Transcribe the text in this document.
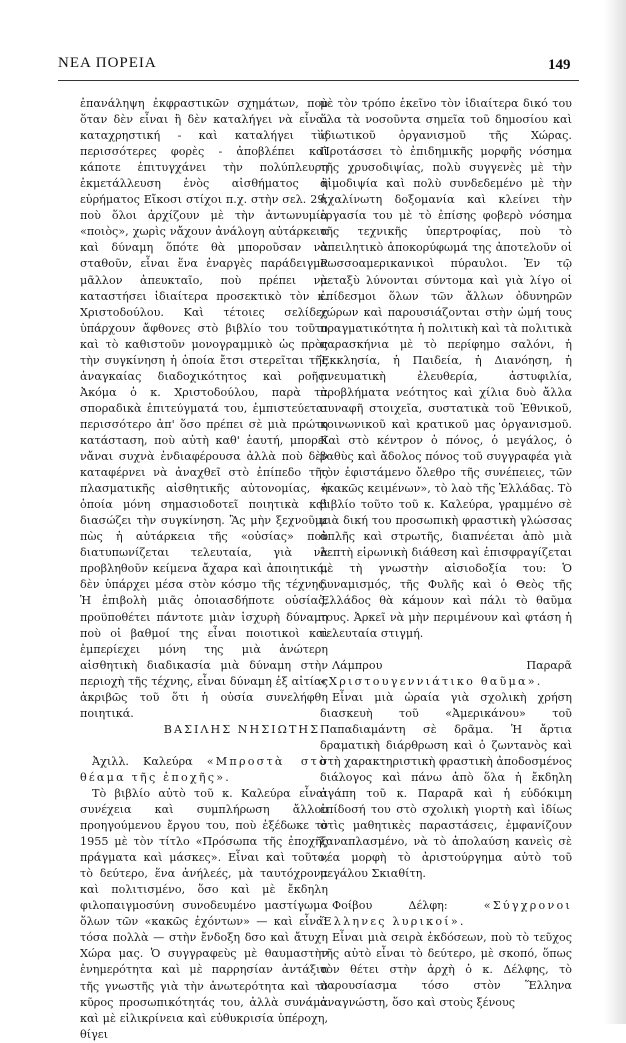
ΝΕΑ ΠΟΡΕΙΑ	149

ἐπανάληψη ἐκφραστικῶν σχημάτων, ποὺ ὅταν δὲν εἶναι ἢ δὲν καταλήγει νὰ εἶναι καταχρηστική - καὶ καταλήγει τὶς περισσότερες φορὲς - ἀποβλέπει καὶ κάποτε ἐπιτυγχάνει τὴν πολύπλευρη ἐκμετάλλευση ἑνὸς αἰσθήματος ἢ εὑρήματος Εἴκοσι στίχοι π.χ. στὴν σελ. 29, ποὺ ὅλοι ἀρχίζουν μὲ τὴν ἀντωνυμία «ποιὸς», χωρὶς νἄχουν ἀνάλογη αὐτάρκεια καὶ δύναμη ὅπότε θὰ μποροῦσαν νὰ σταθοῦν, εἶναι ἕνα ἐναργὲς παράδειγμα μᾶλλον ἀπευκταῖο, ποὺ πρέπει νὰ καταστήσει ἰδιαίτερα προσεκτικὸ τὸν κ. Χριστοδούλου. Καὶ τέτοιες σελίδες ὑπάρχουν ἄφθονες στὸ βιβλίο του τοῦτο καὶ τὸ καθιστοῦν μονογραμμικὸ ὡς πρὸς τὴν συγκίνηση ἡ ὁποία ἔτσι στερεῖται τῆς ἀναγκαίας διαδοχικότητος καὶ ροῆς. Ἀκόμα ὁ κ. Χριστοδούλου, παρὰ τὰ σποραδικὰ ἐπιτεύγματά του, ἐμπιστεύεται περισσότερο ἀπ' ὅσο πρέπει σὲ μιὰ πρώτη κατάσταση, ποὺ αὐτὴ καθ' ἑαυτή, μπορεῖ νἄναι συχνὰ ἐνδιαφέρουσα ἀλλὰ ποὺ δὲν καταφέρνει νὰ ἀναχθεῖ στὸ ἐπίπεδο τῆς πλασματικῆς αἰσθητικῆς αὐτονομίας, ἡ ὁποία μόνη σημασιοδοτεῖ ποιητικὰ καὶ διασώζει τὴν συγκίνηση. Ἂς μὴν ξεχνοῦμε πὼς ἡ αὐτάρκεια τῆς «οὐσίας» ποὺ διατυπωνίζεται τελευταία, γιὰ νὰ προβληθοῦν κείμενα ἄχαρα καὶ ἀποιητικά, δὲν ὑπάρχει μέσα στὸν κόσμο τῆς τέχνης. Ἡ ἐπιβολὴ μιᾶς ὁποιασδήποτε οὐσίας, προϋποθέτει πάντοτε μιὰν ἰσχυρὴ δύναμη ποὺ οἱ βαθμοί της εἶναι ποιοτικοὶ καὶ ἐμπερίεχει μόνη της μιὰ ἀνώτερη αἰσθητικὴ διαδικασία μιὰ δύναμη στὴν περιοχὴ τῆς τέχνης, εἶναι δύναμη ἐξ αἰτίας ἀκριβῶς τοῦ ὅτι ἡ οὐσία συνελήφθη ποιητικά.

ΒΑΣΙΛΗΣ ΝΗΣΙΩΤΗΣ

Ἀχιλλ. Καλεύρα «Μπροστὰ στὸ θέαμα τῆς ἐποχῆς».

Τὸ βιβλίο αὐτὸ τοῦ κ. Καλεύρα εἶναι συνέχεια καὶ συμπλήρωση ἄλλου προηγούμενου ἔργου του, ποὺ ἐξέδωκε τὸ 1955 μὲ τὸν τίτλο «Πρόσωπα τῆς ἐποχῆς πράγματα καὶ μάσκες». Εἶναι καὶ τοῦτο, τὸ δεύτερο, ἕνα ἀνήλεές, μὰ ταυτόχρονα καὶ πολιτισμένο, ὅσο καὶ μὲ ἔκδηλη φιλοπαιγμοσύνη συνοδευμένο μαστίγωμα ὅλων τῶν «κακῶς ἐχόντων» — καὶ εἶναι τόσα πολλὰ — στὴν ἔνδοξη δσο καὶ ἄτυχη Χώρα μας. Ὁ συγγραφεὺς μὲ θαυμαστὴν ἐνημερότητα καὶ μὲ παρρησίαν ἀντάξια τῆς γνωστῆς γιὰ τὴν ἀνωτερότητα καὶ τὸ κῦρος προσωπικότητάς του, ἀλλὰ συνάμα καὶ μὲ εἰλικρίνεια καὶ εὐθυκρισία ὑπέροχη, θίγει

μὲ τὸν τρόπο ἐκεῖνο τὸν ἰδιαίτερα δικό του ὅλα τὰ νοσοῦντα σημεῖα τοῦ δημοσίου καὶ ἰδιωτικοῦ ὀργανισμοῦ τῆς Χώρας. Προτάσσει τὸ ἐπιδημικῆς μορφῆς νόσημα τῆς χρυσοδιψίας, πολὺ συγγενὲς μὲ τὴν αἱμοδιψία καὶ πολὺ συνδεδεμένο μὲ τὴν ἀχαλίνωτη δοξομανία καὶ κλείνει τὴν ἐργασία του μὲ τὸ ἐπίσης φοβερὸ νόσημα τῆς τεχνικῆς ὑπερτροφίας, ποὺ τὸ ἀπειλητικὸ ἀποκορύφωμά της ἀποτελοῦν οἱ Ρωσσοαμερικανικοὶ πύραυλοι. Ἐν τῷ μεταξὺ λύνονται σύντομα καὶ γιὰ λίγο οἱ ἐπίδεσμοι ὅλων τῶν ἄλλων ὀδυνηρῶν χώρων καὶ παρουσιάζονται στὴν ὠμή τους πραγματικότητα ἡ πολιτικὴ καὶ τὰ πολιτικὰ παρασκήνια μὲ τὸ περίφημο σαλόνι, ἡ Ἐκκλησία, ἡ Παιδεία, ἡ Διανόηση, ἡ πνευματικὴ ἐλευθερία, ἀστυφιλία, προβλήματα νεότητος καὶ χίλια δυὸ ἄλλα συναφῆ στοιχεῖα, συστατικὰ τοῦ Ἐθνικοῦ, κοινωνικοῦ καὶ κρατικοῦ μας ὀργανισμοῦ. Καὶ στὸ κέντρον ὁ πόνος, ὁ μεγάλος, ὁ βαθὺς καὶ ἄδολος πόνος τοῦ συγγραφέα γιὰ τὸν ἐφιστάμενο ὄλεθρο τῆς συνέπειες, τῶν «κακῶς κειμένων», τὸ λαὸ τῆς Ἑλλάδας. Τὸ βιβλίο τοῦτο τοῦ κ. Καλεύρα, γραμμένο σὲ μιὰ δική του προσωπικὴ φραστικὴ γλώσσας ἁπλῆς καὶ στρωτῆς, διαπνέεται ἀπὸ μιὰ λεπτὴ εἰρωνικὴ διάθεση καὶ ἐπισφραγίζεται μὲ τὴ γνωστὴν αἰσιοδοξία του: Ὁ δυναμισμός, τῆς Φυλῆς καὶ ὁ Θεὸς τῆς Ἑλλάδος θὰ κάμουν καὶ πάλι τὸ θαῦμα τους. Ἀρκεῖ νὰ μὴν περιμένουν καὶ φτάση ἡ τελευταία στιγμή.

Λάμπρου Παραρᾶ «Χριστουγεννιάτικο θαῦμα».

Εἶναι μιὰ ὡραία γιὰ σχολικὴ χρήση διασκευὴ τοῦ «Ἀμερικάνου» τοῦ Παπαδιαμάντη σὲ δρᾶμα. Ἡ ἄρτια δραματικὴ διάρθρωση καὶ ὁ ζωντανὸς καὶ στὴ χαρακτηριστικὴ φραστικὴ ἀποδοσμένος διάλογος καὶ πάνω ἀπὸ ὅλα ἡ ἔκδηλη ἀγάπη τοῦ κ. Παραρᾶ καὶ ἡ εὐδόκιμη ἐπίδοσή του στὸ σχολικὴ γιορτὴ καὶ ἰδίως στὶς μαθητικὲς παραστάσεις, ἐμφανίζουν ξαναπλασμένο, νὰ τὸ ἀπολαύση κανεὶς σὲ νέα μορφὴ τὸ ἀριστούργημα αὐτὸ τοῦ μεγάλου Σκιαθίτη.

Φοίβου Δέλφη:	«Σύγχρονοι Ἕλληνες λυρικοί».

Εἶναι μιὰ σειρὰ ἐκδόσεων, ποὺ τὸ τεῦχος τῆς αὐτὸ εἶναι τὸ δεύτερο, μὲ σκοπό, ὅπως τὸν θέτει στὴν ἀρχὴ ὁ κ. Δέλφης, τὸ παρουσίασμα τόσο στὸν Ἕλληνα ἀναγνώστη, ὅσο καὶ στοὺς ξένους
